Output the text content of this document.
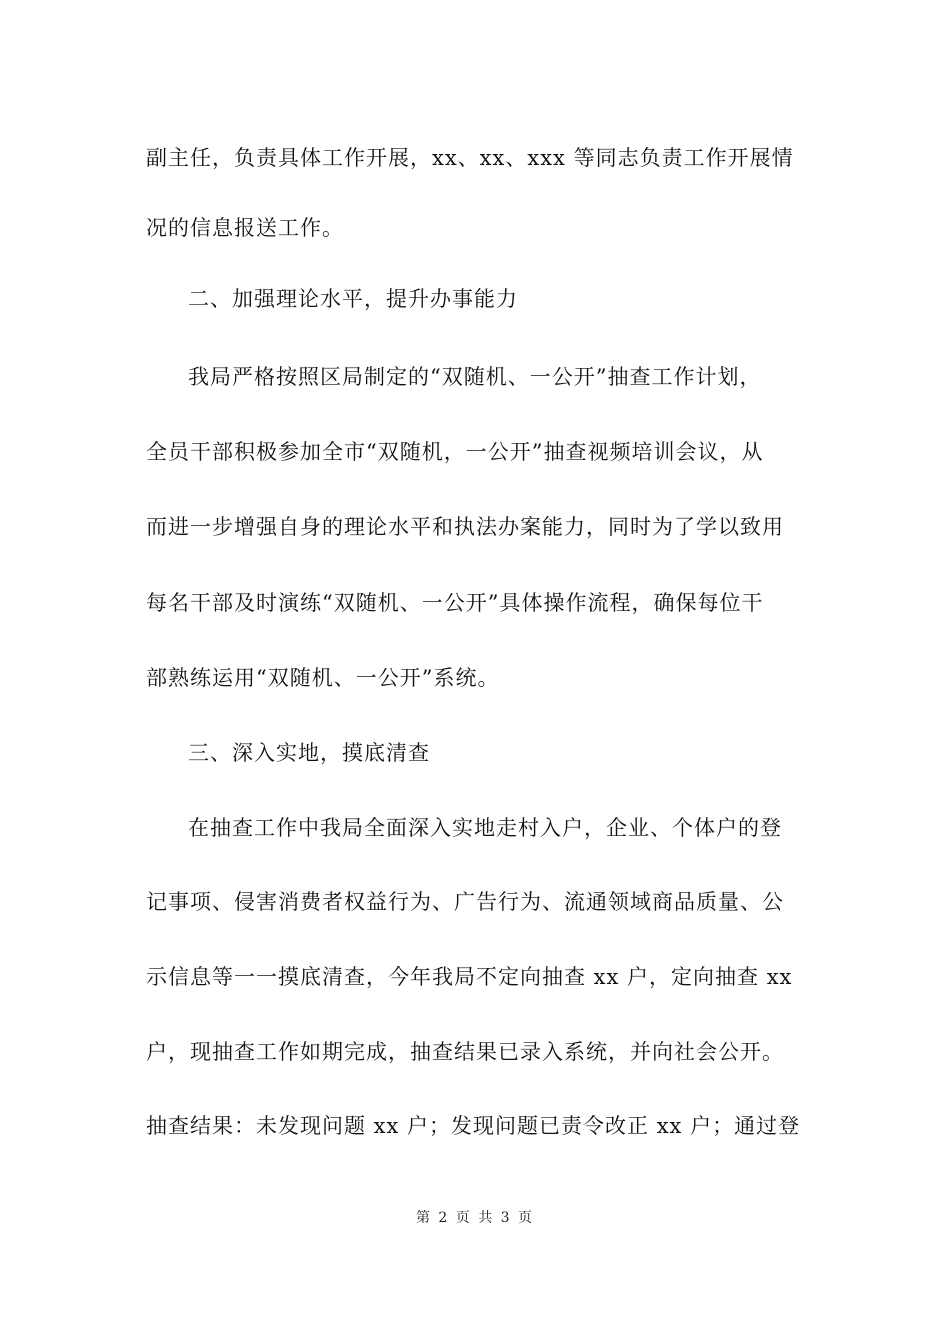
副主任，负责具体工作开展，xx、xx、xxx 等同志负责工作开展情
况的信息报送工作。
二、加强理论水平，提升办事能力
我局严格按照区局制定的“双随机、一公开”抽查工作计划，
全员干部积极参加全市“双随机，一公开”抽查视频培训会议，从
而进一步增强自身的理论水平和执法办案能力，同时为了学以致用
每名干部及时演练“双随机、一公开”具体操作流程，确保每位干
部熟练运用“双随机、一公开”系统。
三、深入实地，摸底清查
在抽查工作中我局全面深入实地走村入户，企业、个体户的登
记事项、侵害消费者权益行为、广告行为、流通领域商品质量、公
示信息等一一摸底清查，今年我局不定向抽查 xx 户，定向抽查 xx
户，现抽查工作如期完成，抽查结果已录入系统，并向社会公开。
抽查结果：未发现问题 xx 户；发现问题已责令改正 xx 户；通过登
第 2 页 共 3 页
